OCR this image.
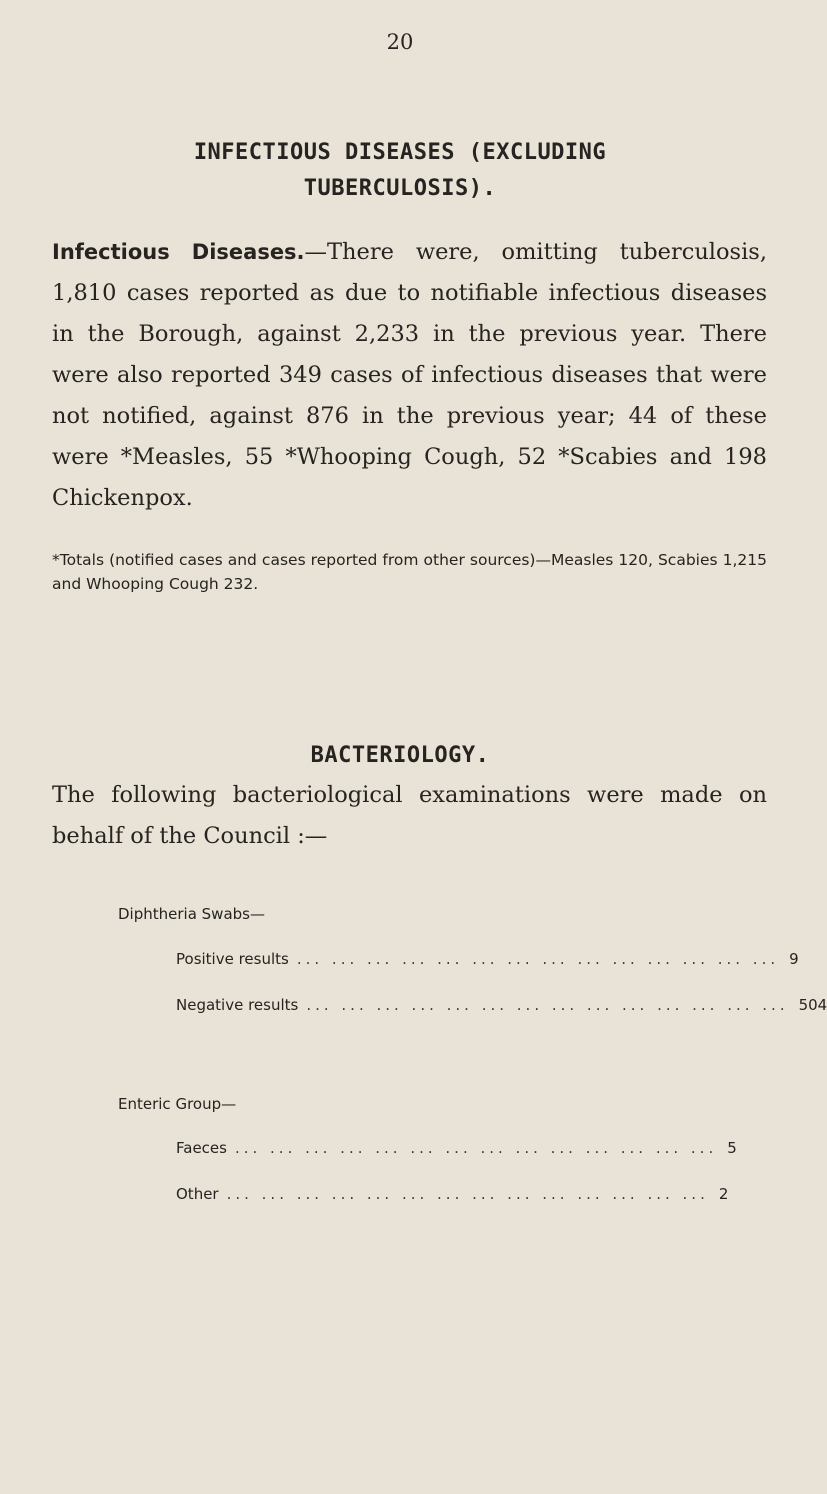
20
INFECTIOUS DISEASES (EXCLUDING
TUBERCULOSIS).
Infectious Diseases.—There were, omitting tuberculosis, 1,810 cases reported as due to notifiable infectious diseases in the Borough, against 2,233 in the previous year. There were also reported 349 cases of infectious diseases that were not notified, against 876 in the previous year; 44 of these were *Measles, 55 *Whooping Cough, 52 *Scabies and 198 Chickenpox.
*Totals (notified cases and cases reported from other sources)—Measles 120, Scabies 1,215 and Whooping Cough 232.
BACTERIOLOGY.
The following bacteriological examinations were made on behalf of the Council :—
Diphtheria Swabs—
Positive results ... ... ... ... ... ... ... ... ... ... ... ... ... ... 9
Negative results ... ... ... ... ... ... ... ... ... ... ... ... ... ... 504
Enteric Group—
Faeces ... ... ... ... ... ... ... ... ... ... ... ... ... ... 5
Other ... ... ... ... ... ... ... ... ... ... ... ... ... ... 2
